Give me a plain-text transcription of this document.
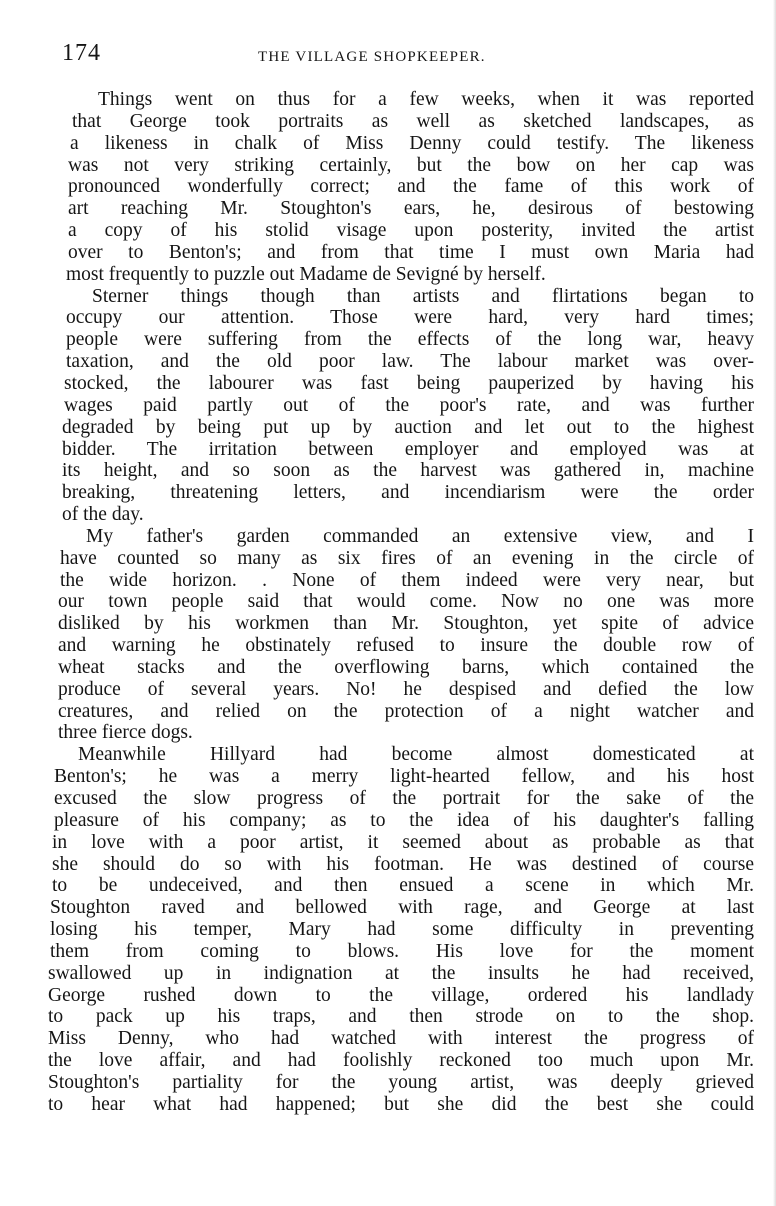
174	THE VILLAGE SHOPKEEPER.
Things went on thus for a few weeks, when it was reported
that George took portraits as well as sketched landscapes, as
a likeness in chalk of Miss Denny could testify. The likeness
was not very striking certainly, but the bow on her cap was
pronounced wonderfully correct; and the fame of this work of
art reaching Mr. Stoughton's ears, he, desirous of bestowing
a copy of his stolid visage upon posterity, invited the artist
over to Benton's; and from that time I must own Maria had
most frequently to puzzle out Madame de Sevigné by herself.
Sterner things though than artists and flirtations began to
occupy our attention. Those were hard, very hard times;
people were suffering from the effects of the long war, heavy
taxation, and the old poor law. The labour market was over-
stocked, the labourer was fast being pauperized by having his
wages paid partly out of the poor's rate, and was further
degraded by being put up by auction and let out to the highest
bidder. The irritation between employer and employed was at
its height, and so soon as the harvest was gathered in, machine
breaking, threatening letters, and incendiarism were the order
of the day.
My father's garden commanded an extensive view, and I
have counted so many as six fires of an evening in the circle of
the wide horizon. . None of them indeed were very near, but
our town people said that would come. Now no one was more
disliked by his workmen than Mr. Stoughton, yet spite of advice
and warning he obstinately refused to insure the double row of
wheat stacks and the overflowing barns, which contained the
produce of several years. No! he despised and defied the low
creatures, and relied on the protection of a night watcher and
three fierce dogs.
Meanwhile Hillyard had become almost domesticated at
Benton's; he was a merry light-hearted fellow, and his host
excused the slow progress of the portrait for the sake of the
pleasure of his company; as to the idea of his daughter's falling
in love with a poor artist, it seemed about as probable as that
she should do so with his footman. He was destined of course
to be undeceived, and then ensued a scene in which Mr.
Stoughton raved and bellowed with rage, and George at last
losing his temper, Mary had some difficulty in preventing
them from coming to blows. His love for the moment
swallowed up in indignation at the insults he had received,
George rushed down to the village, ordered his landlady
to pack up his traps, and then strode on to the shop.
Miss Denny, who had watched with interest the progress of
the love affair, and had foolishly reckoned too much upon Mr.
Stoughton's partiality for the young artist, was deeply grieved
to hear what had happened; but she did the best she could
